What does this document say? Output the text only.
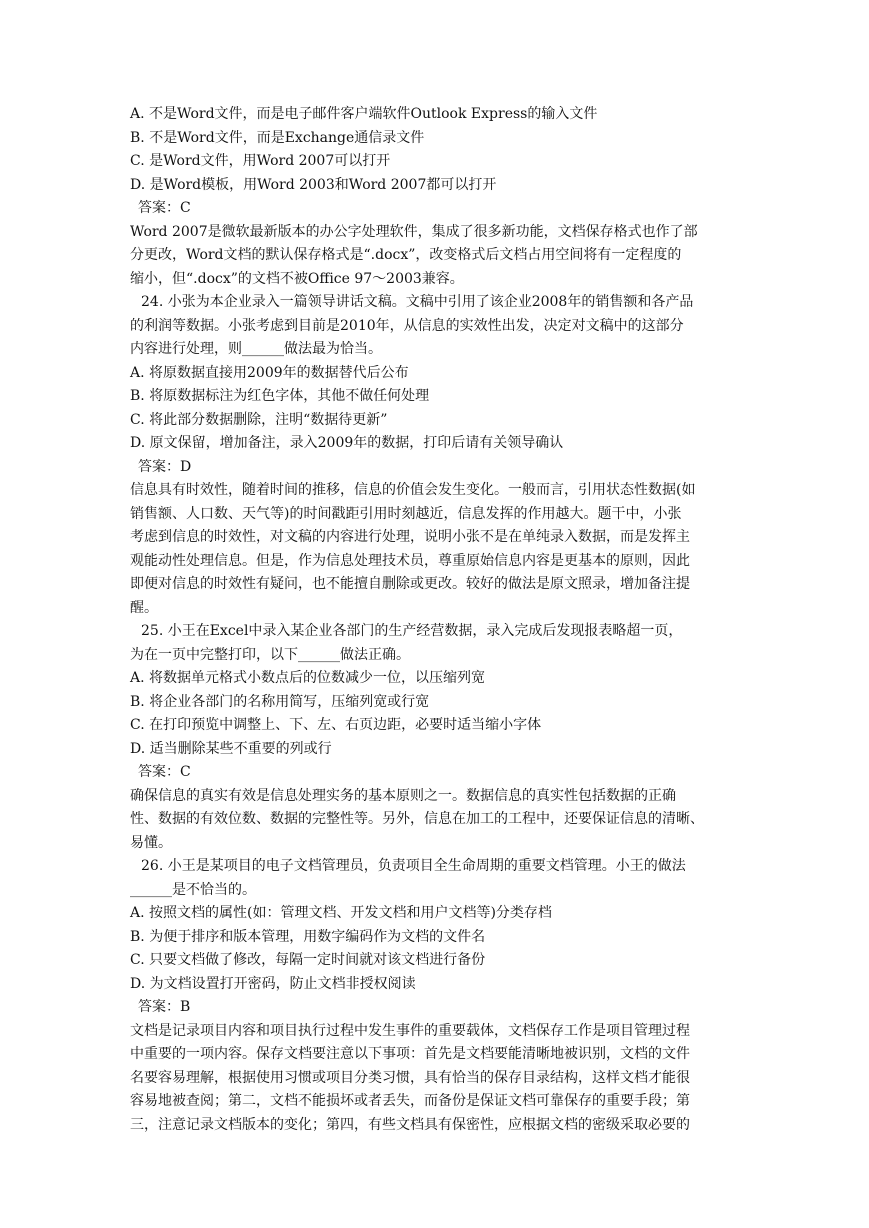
A. 不是Word文件，而是电子邮件客户端软件Outlook Express的输入文件
B. 不是Word文件，而是Exchange通信录文件
C. 是Word文件，用Word 2007可以打开
D. 是Word模板，用Word 2003和Word 2007都可以打开
答案：C
Word 2007是微软最新版本的办公字处理软件，集成了很多新功能，文档保存格式也作了部
分更改，Word文档的默认保存格式是“.docx”，改变格式后文档占用空间将有一定程度的
缩小，但“.docx”的文档不被Office 97～2003兼容。
24. 小张为本企业录入一篇领导讲话文稿。文稿中引用了该企业2008年的销售额和各产品
的利润等数据。小张考虑到目前是2010年，从信息的实效性出发，决定对文稿中的这部分
内容进行处理，则______做法最为恰当。
A. 将原数据直接用2009年的数据替代后公布
B. 将原数据标注为红色字体，其他不做任何处理
C. 将此部分数据删除，注明“数据待更新”
D. 原文保留，增加备注，录入2009年的数据，打印后请有关领导确认
答案：D
信息具有时效性，随着时间的推移，信息的价值会发生变化。一般而言，引用状态性数据(如
销售额、人口数、天气等)的时间戳距引用时刻越近，信息发挥的作用越大。题干中，小张
考虑到信息的时效性，对文稿的内容进行处理，说明小张不是在单纯录入数据，而是发挥主
观能动性处理信息。但是，作为信息处理技术员，尊重原始信息内容是更基本的原则，因此
即便对信息的时效性有疑问，也不能擅自删除或更改。较好的做法是原文照录，增加备注提
醒。
25. 小王在Excel中录入某企业各部门的生产经营数据，录入完成后发现报表略超一页，
为在一页中完整打印，以下______做法正确。
A. 将数据单元格式小数点后的位数减少一位，以压缩列宽
B. 将企业各部门的名称用简写，压缩列宽或行宽
C. 在打印预览中调整上、下、左、右页边距，必要时适当缩小字体
D. 适当删除某些不重要的列或行
答案：C
确保信息的真实有效是信息处理实务的基本原则之一。数据信息的真实性包括数据的正确
性、数据的有效位数、数据的完整性等。另外，信息在加工的工程中，还要保证信息的清晰、
易懂。
26. 小王是某项目的电子文档管理员，负责项目全生命周期的重要文档管理。小王的做法
______是不恰当的。
A. 按照文档的属性(如：管理文档、开发文档和用户文档等)分类存档
B. 为便于排序和版本管理，用数字编码作为文档的文件名
C. 只要文档做了修改，每隔一定时间就对该文档进行备份
D. 为文档设置打开密码，防止文档非授权阅读
答案：B
文档是记录项目内容和项目执行过程中发生事件的重要载体，文档保存工作是项目管理过程
中重要的一项内容。保存文档要注意以下事项：首先是文档要能清晰地被识别，文档的文件
名要容易理解，根据使用习惯或项目分类习惯，具有恰当的保存目录结构，这样文档才能很
容易地被查阅；第二，文档不能损坏或者丢失，而备份是保证文档可靠保存的重要手段；第
三，注意记录文档版本的变化；第四，有些文档具有保密性，应根据文档的密级采取必要的
